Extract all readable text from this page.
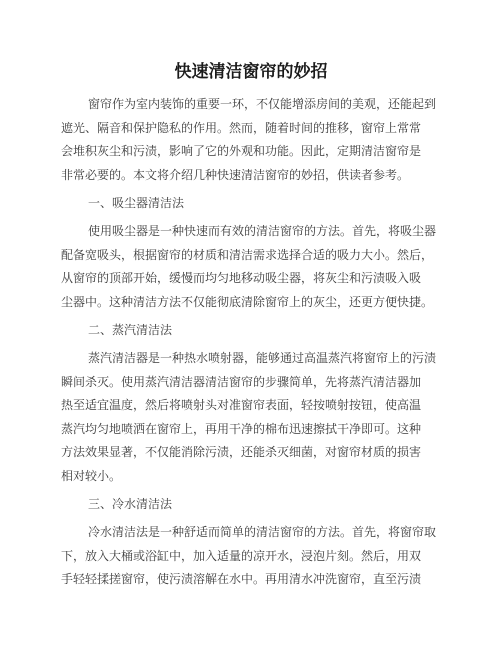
快速清洁窗帘的妙招
窗帘作为室内装饰的重要一环，不仅能增添房间的美观，还能起到
遮光、隔音和保护隐私的作用。然而，随着时间的推移，窗帘上常常
会堆积灰尘和污渍，影响了它的外观和功能。因此，定期清洁窗帘是
非常必要的。本文将介绍几种快速清洁窗帘的妙招，供读者参考。
一、吸尘器清洁法
使用吸尘器是一种快速而有效的清洁窗帘的方法。首先，将吸尘器
配备宽吸头，根据窗帘的材质和清洁需求选择合适的吸力大小。然后，
从窗帘的顶部开始，缓慢而均匀地移动吸尘器，将灰尘和污渍吸入吸
尘器中。这种清洁方法不仅能彻底清除窗帘上的灰尘，还更方便快捷。
二、蒸汽清洁法
蒸汽清洁器是一种热水喷射器，能够通过高温蒸汽将窗帘上的污渍
瞬间杀灭。使用蒸汽清洁器清洁窗帘的步骤简单，先将蒸汽清洁器加
热至适宜温度，然后将喷射头对准窗帘表面，轻按喷射按钮，使高温
蒸汽均匀地喷洒在窗帘上，再用干净的棉布迅速擦拭干净即可。这种
方法效果显著，不仅能消除污渍，还能杀灭细菌，对窗帘材质的损害
相对较小。
三、冷水清洁法
冷水清洁法是一种舒适而简单的清洁窗帘的方法。首先，将窗帘取
下，放入大桶或浴缸中，加入适量的凉开水，浸泡片刻。然后，用双
手轻轻揉搓窗帘，使污渍溶解在水中。再用清水冲洗窗帘，直至污渍
